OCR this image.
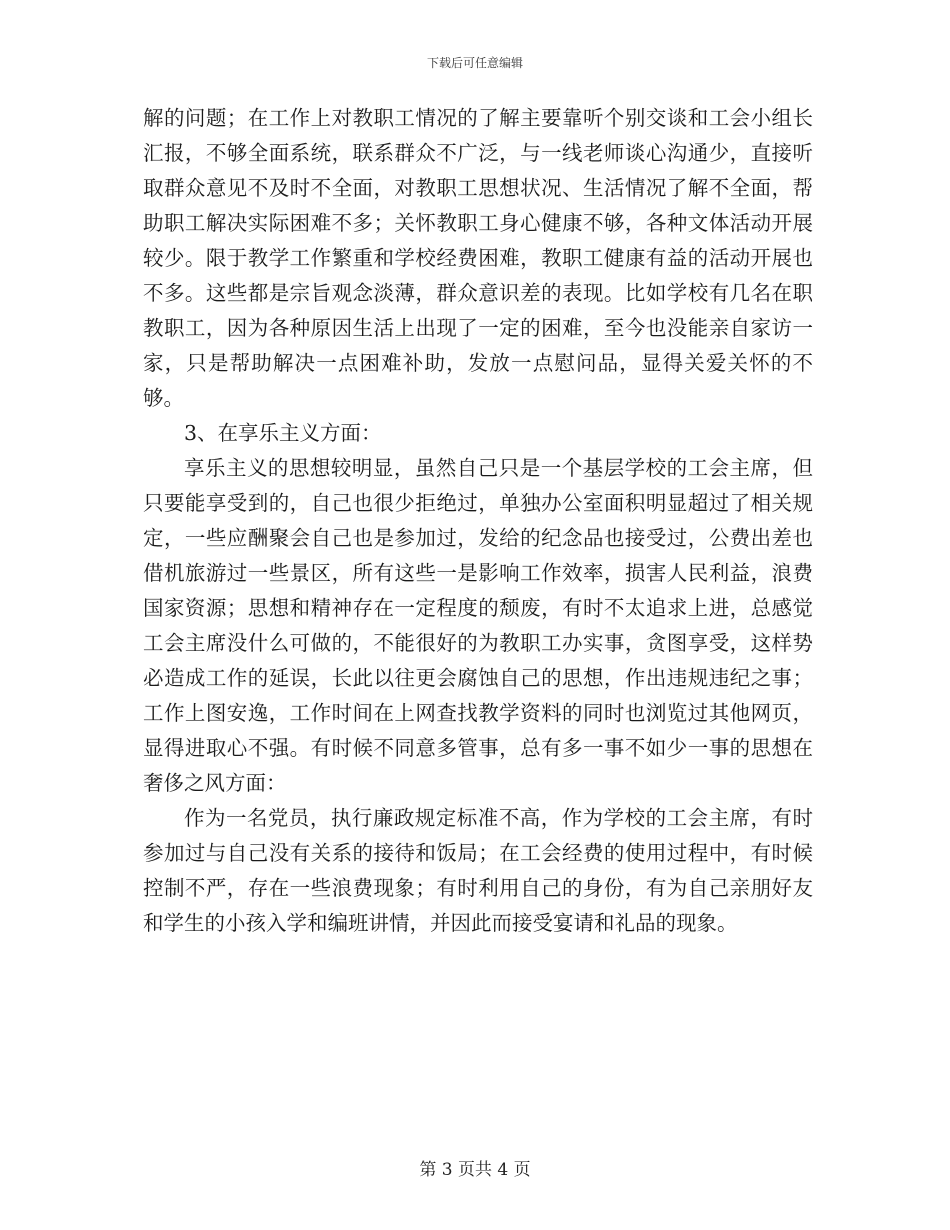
下载后可任意编辑

解的问题；在工作上对教职工情况的了解主要靠听个别交谈和工会小组长汇报，不够全面系统，联系群众不广泛，与一线老师谈心沟通少，直接听取群众意见不及时不全面，对教职工思想状况、生活情况了解不全面，帮助职工解决实际困难不多；关怀教职工身心健康不够，各种文体活动开展较少。限于教学工作繁重和学校经费困难，教职工健康有益的活动开展也不多。这些都是宗旨观念淡薄，群众意识差的表现。比如学校有几名在职教职工，因为各种原因生活上出现了一定的困难，至今也没能亲自家访一家，只是帮助解决一点困难补助，发放一点慰问品，显得关爱关怀的不够。

3、在享乐主义方面：

享乐主义的思想较明显，虽然自己只是一个基层学校的工会主席，但只要能享受到的，自己也很少拒绝过，单独办公室面积明显超过了相关规定，一些应酬聚会自己也是参加过，发给的纪念品也接受过，公费出差也借机旅游过一些景区，所有这些一是影响工作效率，损害人民利益，浪费国家资源；思想和精神存在一定程度的颓废，有时不太追求上进，总感觉工会主席没什么可做的，不能很好的为教职工办实事，贪图享受，这样势必造成工作的延误，长此以往更会腐蚀自己的思想，作出违规违纪之事；工作上图安逸，工作时间在上网查找教学资料的同时也浏览过其他网页，显得进取心不强。有时候不同意多管事，总有多一事不如少一事的思想在奢侈之风方面：

作为一名党员，执行廉政规定标准不高，作为学校的工会主席，有时参加过与自己没有关系的接待和饭局；在工会经费的使用过程中，有时候控制不严，存在一些浪费现象；有时利用自己的身份，有为自己亲朋好友和学生的小孩入学和编班讲情，并因此而接受宴请和礼品的现象。

第 3 页共 4 页
